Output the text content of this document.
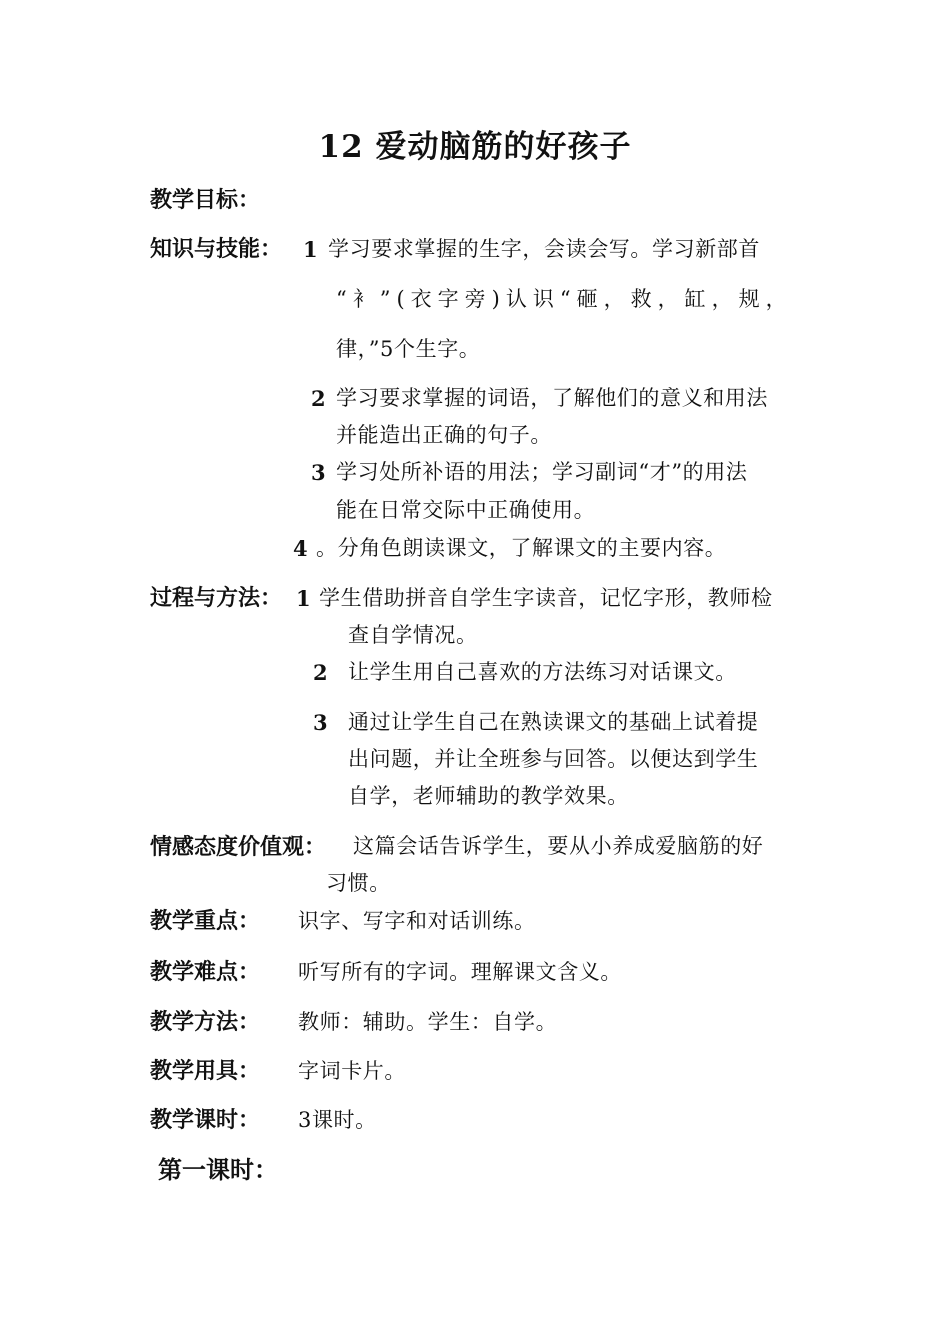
12 爱动脑筋的好孩子
教学目标：
知识与技能： 1 学习要求掌握的生字，会读会写。学习新部首
“衤”(衣字旁)认识“砸，救，缸，规，
律，”5个生字。
2 学习要求掌握的词语，了解他们的意义和用法
并能造出正确的句子。
3 学习处所补语的用法；学习副词“才”的用法
能在日常交际中正确使用。
4 。分角色朗读课文，了解课文的主要内容。
过程与方法： 1 学生借助拼音自学生字读音，记忆字形，教师检
查自学情况。
2 让学生用自己喜欢的方法练习对话课文。
3 通过让学生自己在熟读课文的基础上试着提
出问题，并让全班参与回答。以便达到学生
自学，老师辅助的教学效果。
情感态度价值观： 这篇会话告诉学生，要从小养成爱脑筋的好
习惯。
教学重点： 识字、写字和对话训练。
教学难点： 听写所有的字词。理解课文含义。
教学方法： 教师：辅助。学生：自学。
教学用具： 字词卡片。
教学课时： 3课时。
第一课时：
